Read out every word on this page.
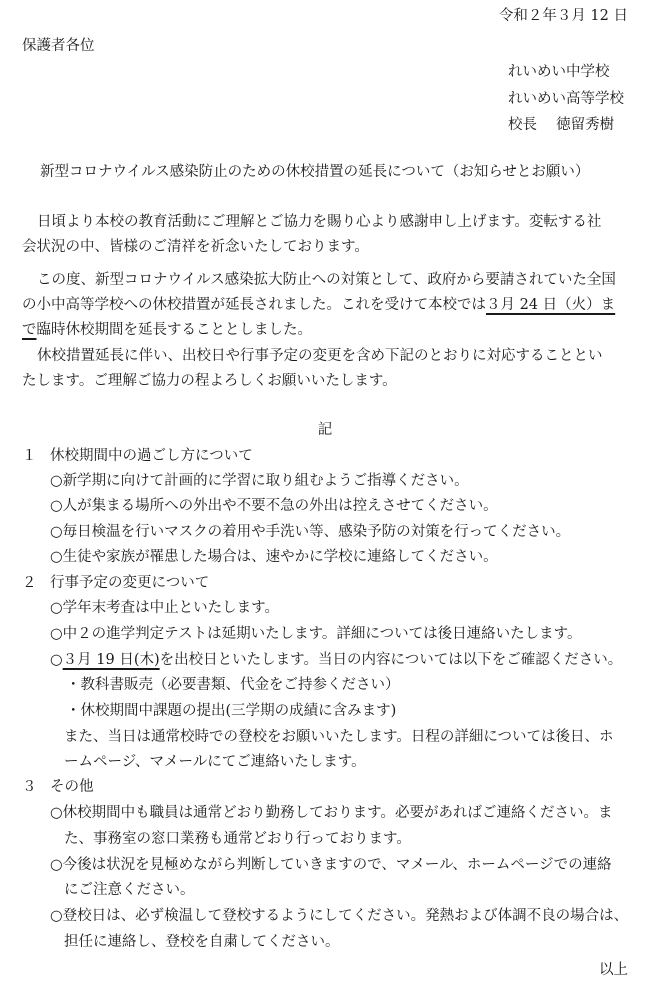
令和２年３月 12 日
保護者各位
れいめい中学校
れいめい高等学校
校長　 徳留秀樹
新型コロナウイルス感染防止のための休校措置の延長について（お知らせとお願い）
日頃より本校の教育活動にご理解とご協力を賜り心より感謝申し上げます。変転する社
会状況の中、皆様のご清祥を祈念いたしております。
この度、新型コロナウイルス感染拡大防止への対策として、政府から要請されていた全国
の小中高等学校への休校措置が延長されました。これを受けて本校では３月 24 日（火）ま
で臨時休校期間を延長することとしました。
休校措置延長に伴い、出校日や行事予定の変更を含め下記のとおりに対応することとい
たします。ご理解ご協力の程よろしくお願いいたします。
記
１ 休校期間中の過ごし方について
○新学期に向けて計画的に学習に取り組むようご指導ください。
○人が集まる場所への外出や不要不急の外出は控えさせてください。
○毎日検温を行いマスクの着用や手洗い等、感染予防の対策を行ってください。
○生徒や家族が罹患した場合は、速やかに学校に連絡してください。
２ 行事予定の変更について
○学年末考査は中止といたします。
○中２の進学判定テストは延期いたします。詳細については後日連絡いたします。
○３月 19 日(木)を出校日といたします。当日の内容については以下をご確認ください。
・教科書販売（必要書類、代金をご持参ください）
・休校期間中課題の提出(三学期の成績に含みます)
また、当日は通常校時での登校をお願いいたします。日程の詳細については後日、ホ
ームページ、マメールにてご連絡いたします。
３ その他
○休校期間中も職員は通常どおり勤務しております。必要があればご連絡ください。ま
た、事務室の窓口業務も通常どおり行っております。
○今後は状況を見極めながら判断していきますので、マメール、ホームページでの連絡
にご注意ください。
○登校日は、必ず検温して登校するようにしてください。発熱および体調不良の場合は、
担任に連絡し、登校を自粛してください。
以上
